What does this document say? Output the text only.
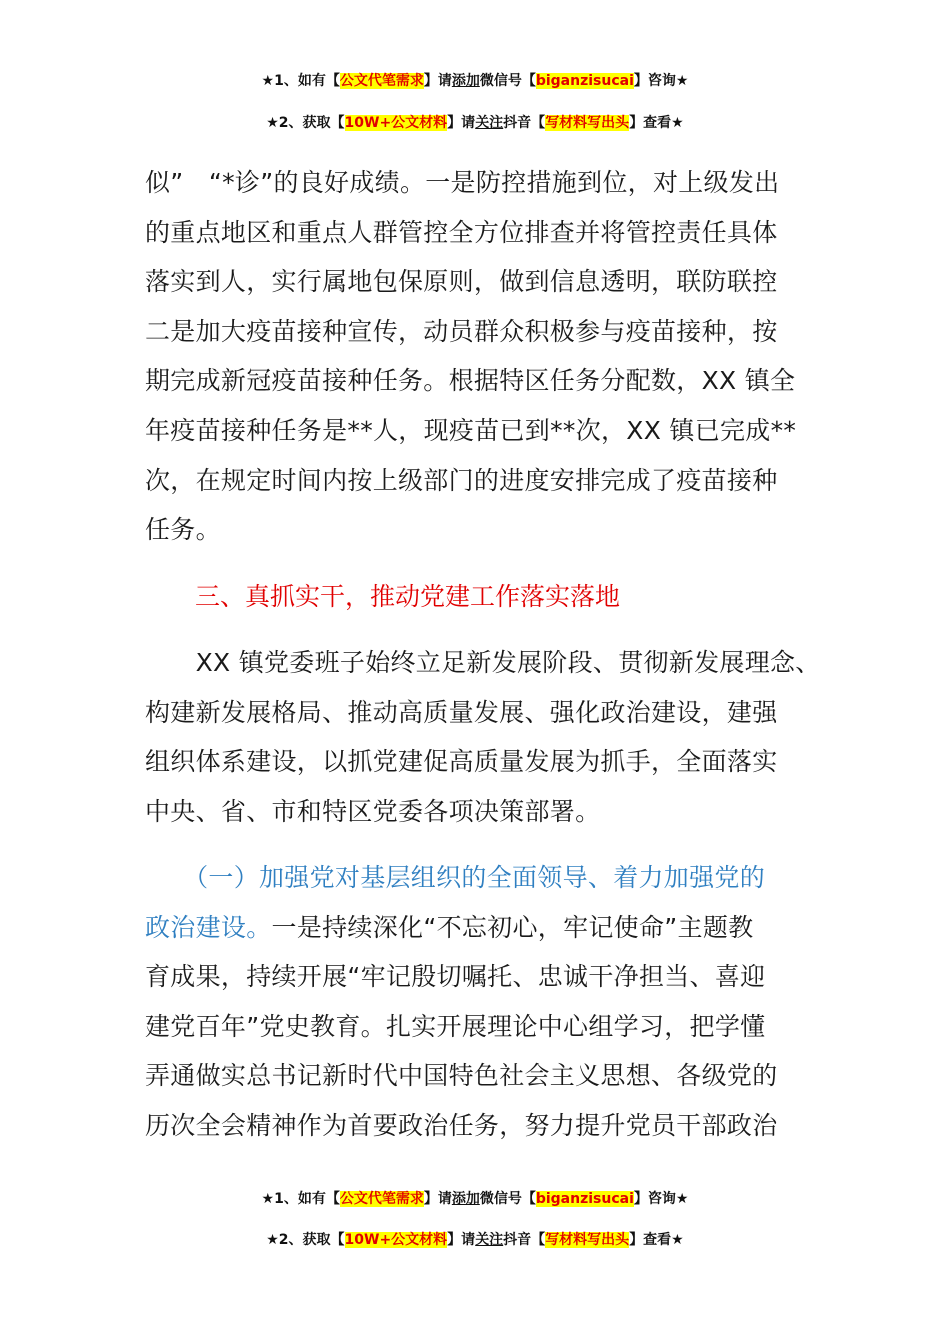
★1、如有【公文代笔需求】请添加微信号【biganzisucai】咨询★
★2、获取【10W+公文材料】请关注抖音【写材料写出头】查看★
似”　“*诊”的良好成绩。一是防控措施到位，对上级发出
的重点地区和重点人群管控全方位排查并将管控责任具体
落实到人，实行属地包保原则，做到信息透明，联防联控
二是加大疫苗接种宣传，动员群众积极参与疫苗接种，按
期完成新冠疫苗接种任务。根据特区任务分配数，XX 镇全
年疫苗接种任务是**人，现疫苗已到**次，XX 镇已完成**
次，在规定时间内按上级部门的进度安排完成了疫苗接种
任务。
三、真抓实干，推动党建工作落实落地
　　XX 镇党委班子始终立足新发展阶段、贯彻新发展理念、
构建新发展格局、推动高质量发展、强化政治建设，建强
组织体系建设，以抓党建促高质量发展为抓手，全面落实
中央、省、市和特区党委各项决策部署。
　　（一）加强党对基层组织的全面领导、着力加强党的
政治建设。一是持续深化“不忘初心，牢记使命”主题教
育成果，持续开展“牢记殷切嘱托、忠诚干净担当、喜迎
建党百年”党史教育。扎实开展理论中心组学习，把学懂
弄通做实总书记新时代中国特色社会主义思想、各级党的
历次全会精神作为首要政治任务，努力提升党员干部政治
★1、如有【公文代笔需求】请添加微信号【biganzisucai】咨询★
★2、获取【10W+公文材料】请关注抖音【写材料写出头】查看★
